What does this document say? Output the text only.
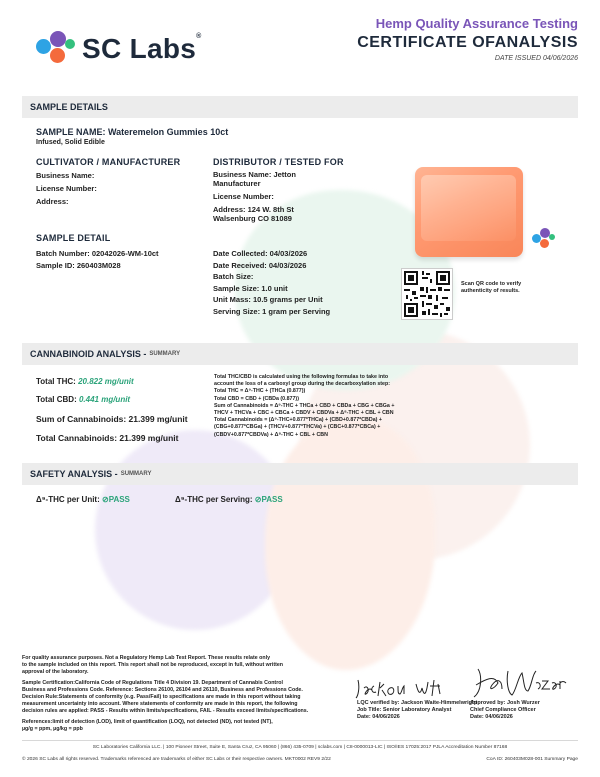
SC Labs®
Hemp Quality Assurance Testing
CERTIFICATE OFANALYSIS
DATE ISSUED 04/06/2026
SAMPLE DETAILS
SAMPLE NAME: Wateremelon Gummies 10ct
Infused, Solid Edible
CULTIVATOR / MANUFACTURER
Business Name:
License Number:
Address:
DISTRIBUTOR / TESTED FOR
Business Name: Jetton
Manufacturer
License Number:
Address: 124 W. 8th St
Walsenburg CO 81089
SAMPLE DETAIL
Batch Number: 02042026-WM-10ct
Sample ID: 260403M028
Date Collected: 04/03/2026
Date Received: 04/03/2026
Batch Size:
Sample Size: 1.0 unit
Unit Mass: 10.5 grams per Unit
Serving Size: 1 gram per Serving
Scan QR code to verify
authenticity of results.
CANNABINOID ANALYSIS - SUMMARY
Total THC: 20.822 mg/unit
Total CBD: 0.441 mg/unit
Sum of Cannabinoids: 21.399 mg/unit
Total Cannabinoids: 21.399 mg/unit
Total THC/CBD is calculated using the following formulas to take into
account the loss of a carboxyl group during the decarboxylation step:
Total THC = Δ⁹-THC + (THCa (0.877))
Total CBD = CBD + (CBDa (0.877))
Sum of Cannabinoids = Δ⁹-THC + THCa + CBD + CBDa + CBG + CBGa +
THCV + THCVa + CBC + CBCa + CBDV + CBDVa + Δ⁸-THC + CBL + CBN
Total Cannabinoids = (Δ⁹-THC+0.877*THCa) + (CBD+0.877*CBDa) +
(CBG+0.877*CBGa) + (THCV+0.877*THCVa) + (CBC+0.877*CBCa) +
(CBDV+0.877*CBDVa) + Δ⁸-THC + CBL + CBN
SAFETY ANALYSIS - SUMMARY
Δ⁹-THC per Unit: ⊘PASS	Δ⁹-THC per Serving: ⊘PASS
For quality assurance purposes. Not a Regulatory Hemp Lab Test Report. These results relate only
to the sample included on this report. This report shall not be reproduced, except in full, without written
approval of the laboratory.
Sample Certification:California Code of Regulations Title 4 Division 19. Department of Cannabis Control
Business and Professions Code. Reference: Sections 26100, 26104 and 26110, Business and Professions Code.
Decision Rule:Statements of conformity (e.g. Pass/Fail) to specifications are made in this report without taking
measurement uncertainty into account. Where statements of conformity are made in this report, the following
decision rules are applied: PASS - Results within limits/specifications, FAIL - Results exceed limits/specifications.
References:limit of detection (LOD), limit of quantification (LOQ), not detected (ND), not tested (NT),
µg/g = ppm, µg/kg = ppb
LQC verified by: Jackson Waite-Himmelwright
Job Title: Senior Laboratory Analyst
Date: 04/06/2026
Approved by: Josh Wurzer
Chief Compliance Officer
Date: 04/06/2026
SC Laboratories California LLC. | 100 Pioneer Street, Suite E, Santa Cruz, CA 95060 | (866) 435-0709 | sclabs.com | C8-0000013-LIC | ISO/IES 17025:2017 PJLA Accreditation Number 87168
© 2026 SC Labs all rights reserved. Trademarks referenced are trademarks of either SC Labs or their respective owners. MKT0002 REV9 2/22	CoA ID: 260403M028-001 Summary Page
